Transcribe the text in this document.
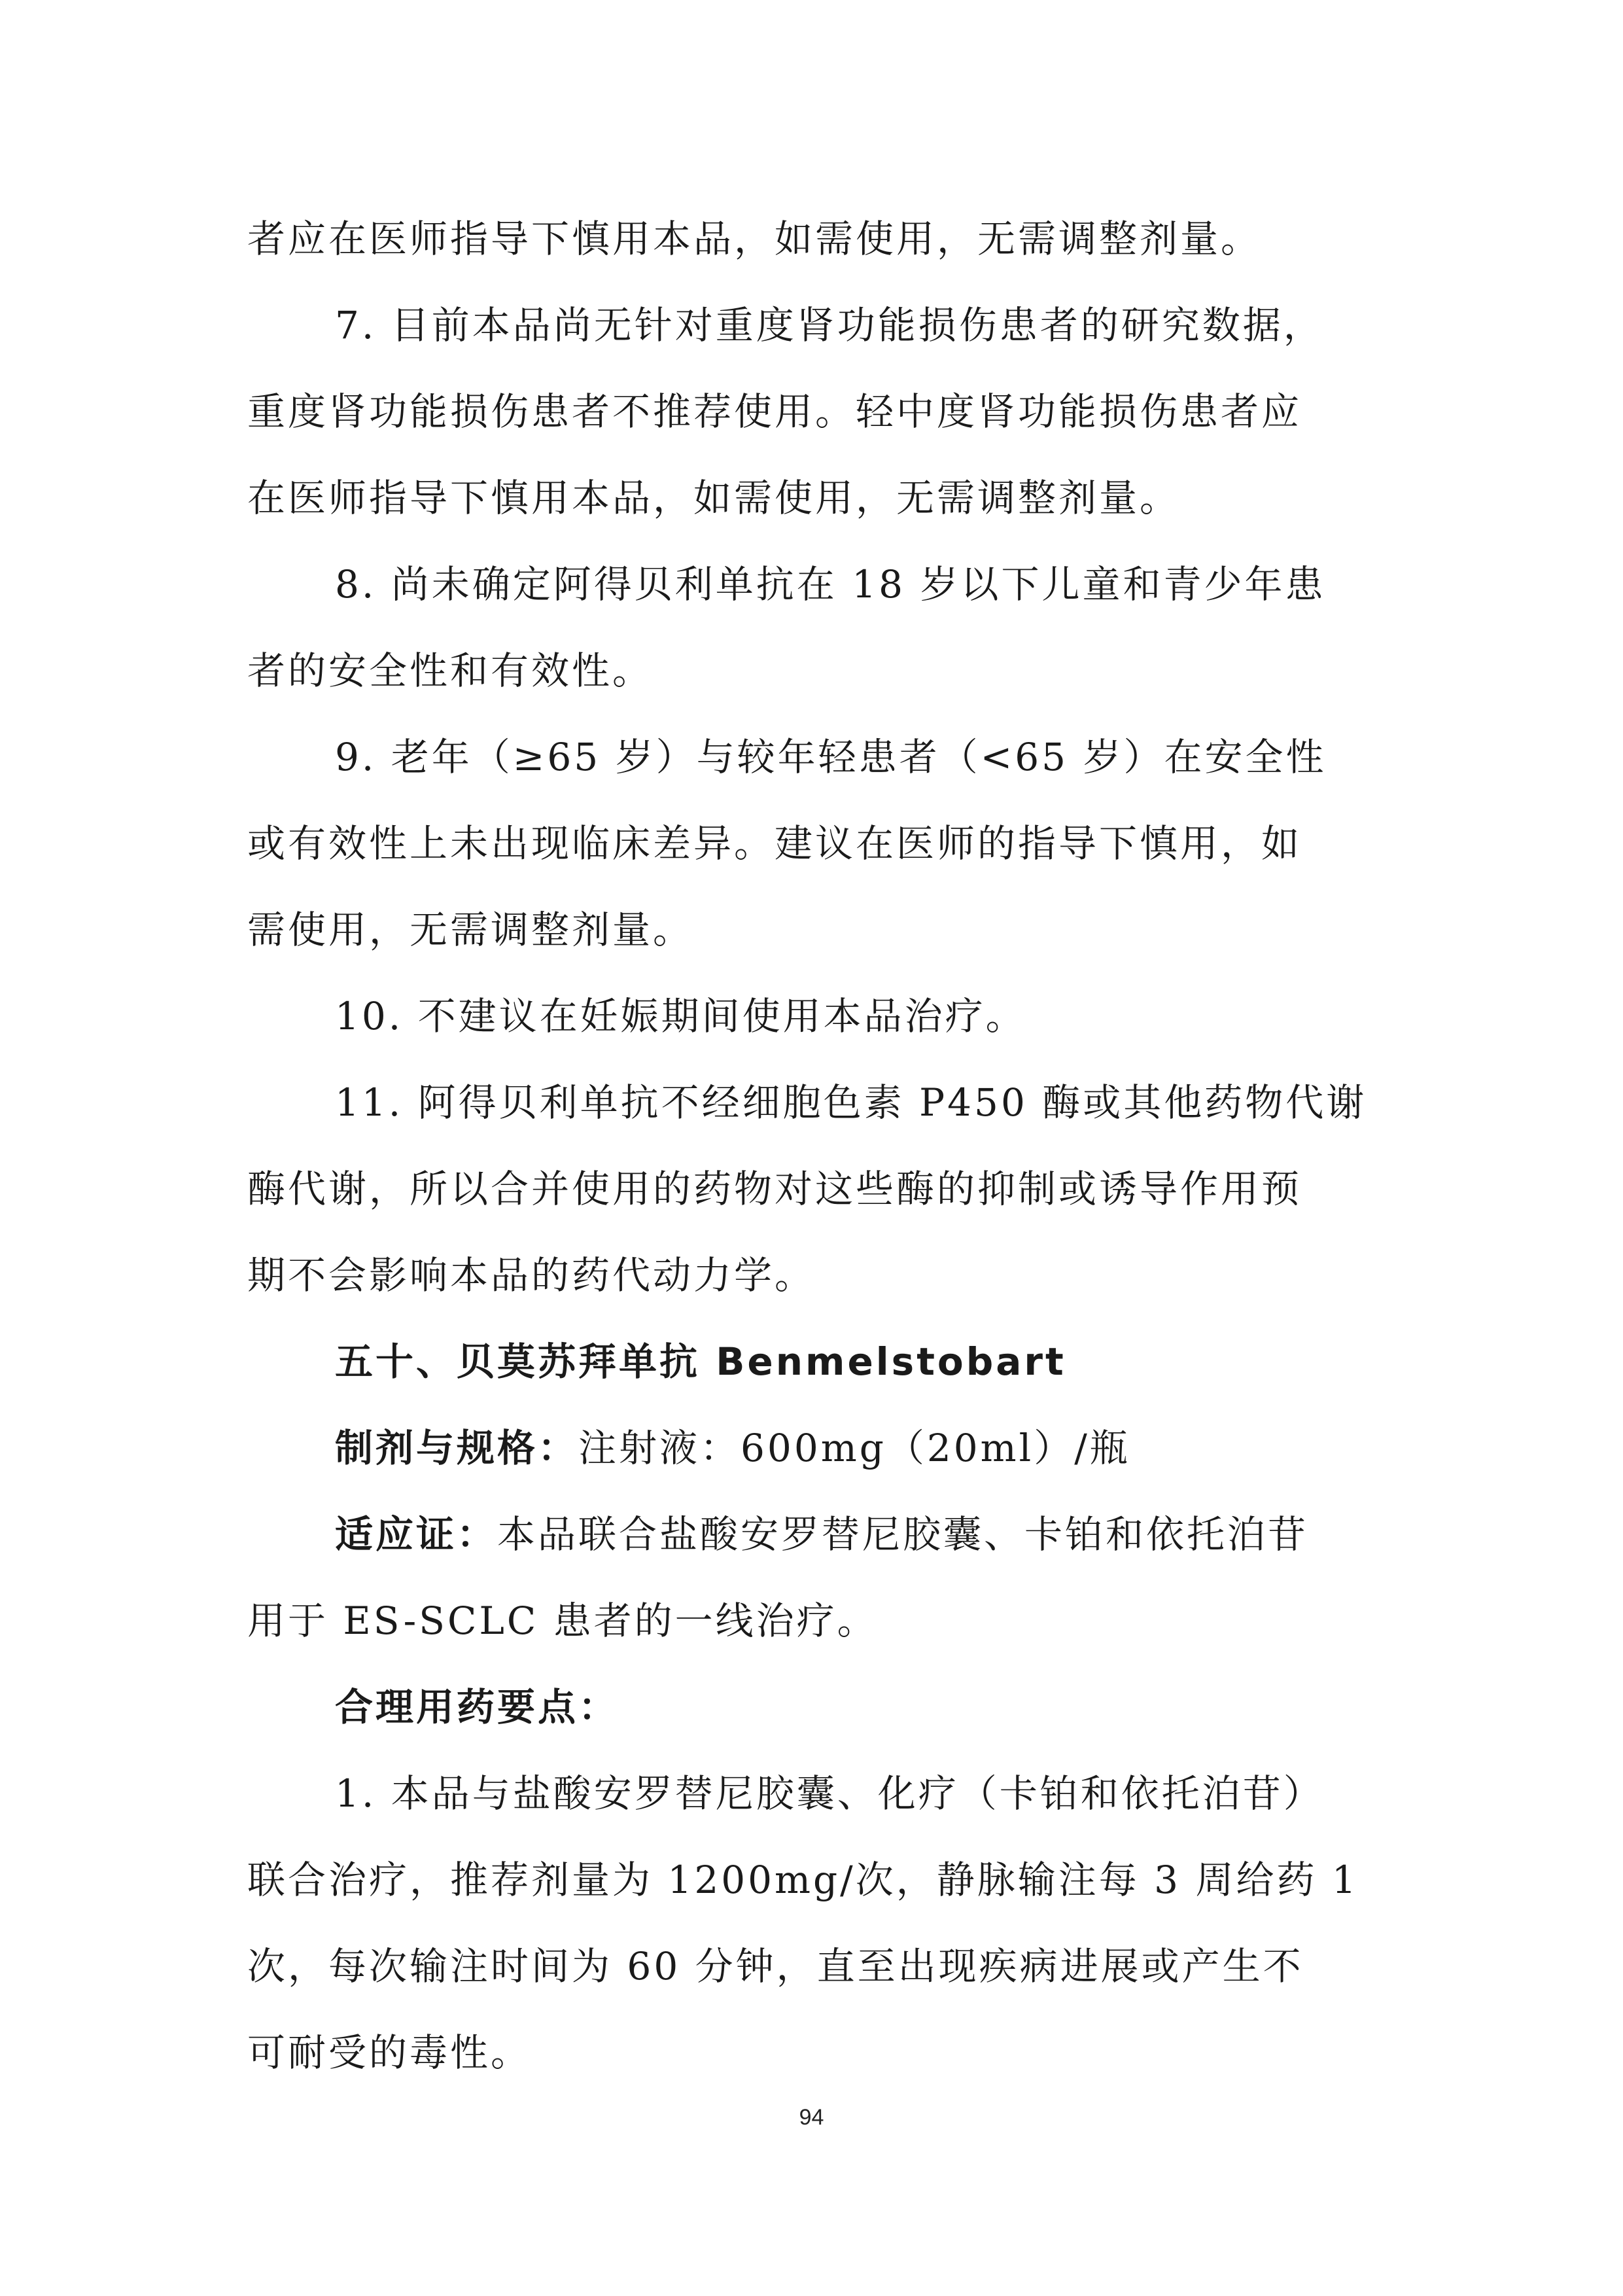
者应在医师指导下慎用本品，如需使用，无需调整剂量。
7. 目前本品尚无针对重度肾功能损伤患者的研究数据，
重度肾功能损伤患者不推荐使用。轻中度肾功能损伤患者应
在医师指导下慎用本品，如需使用，无需调整剂量。
8. 尚未确定阿得贝利单抗在 18 岁以下儿童和青少年患
者的安全性和有效性。
9. 老年（≥65 岁）与较年轻患者（<65 岁）在安全性
或有效性上未出现临床差异。建议在医师的指导下慎用，如
需使用，无需调整剂量。
10. 不建议在妊娠期间使用本品治疗。
11. 阿得贝利单抗不经细胞色素 P450 酶或其他药物代谢
酶代谢，所以合并使用的药物对这些酶的抑制或诱导作用预
期不会影响本品的药代动力学。
五十、贝莫苏拜单抗 Benmelstobart
制剂与规格：注射液：600mg（20ml）/瓶
适应证：本品联合盐酸安罗替尼胶囊、卡铂和依托泊苷
用于 ES-SCLC 患者的一线治疗。
合理用药要点：
1. 本品与盐酸安罗替尼胶囊、化疗（卡铂和依托泊苷）
联合治疗，推荐剂量为 1200mg/次，静脉输注每 3 周给药 1
次，每次输注时间为 60 分钟，直至出现疾病进展或产生不
可耐受的毒性。
94
